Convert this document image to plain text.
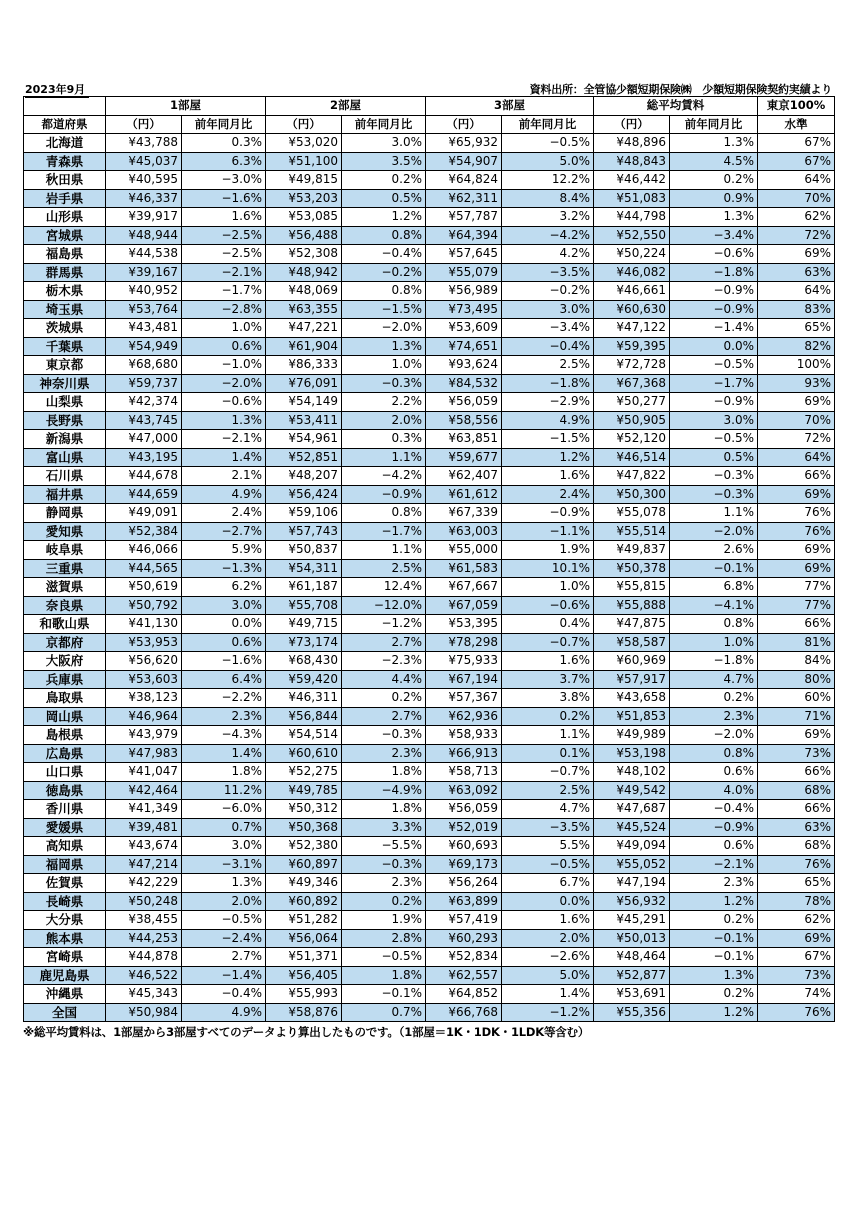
2023年9月	資料出所：全管協少額短期保険㈱　少額短期保険契約実績より
	1部屋		2部屋		3部屋		総平均賃料		東京100%
都道府県	（円）	前年同月比	（円）	前年同月比	（円）	前年同月比	（円）	前年同月比	水準
北海道	¥43,788	0.3%	¥53,020	3.0%	¥65,932	−0.5%	¥48,896	1.3%	67%
青森県	¥45,037	6.3%	¥51,100	3.5%	¥54,907	5.0%	¥48,843	4.5%	67%
秋田県	¥40,595	−3.0%	¥49,815	0.2%	¥64,824	12.2%	¥46,442	0.2%	64%
岩手県	¥46,337	−1.6%	¥53,203	0.5%	¥62,311	8.4%	¥51,083	0.9%	70%
山形県	¥39,917	1.6%	¥53,085	1.2%	¥57,787	3.2%	¥44,798	1.3%	62%
宮城県	¥48,944	−2.5%	¥56,488	0.8%	¥64,394	−4.2%	¥52,550	−3.4%	72%
福島県	¥44,538	−2.5%	¥52,308	−0.4%	¥57,645	4.2%	¥50,224	−0.6%	69%
群馬県	¥39,167	−2.1%	¥48,942	−0.2%	¥55,079	−3.5%	¥46,082	−1.8%	63%
栃木県	¥40,952	−1.7%	¥48,069	0.8%	¥56,989	−0.2%	¥46,661	−0.9%	64%
埼玉県	¥53,764	−2.8%	¥63,355	−1.5%	¥73,495	3.0%	¥60,630	−0.9%	83%
茨城県	¥43,481	1.0%	¥47,221	−2.0%	¥53,609	−3.4%	¥47,122	−1.4%	65%
千葉県	¥54,949	0.6%	¥61,904	1.3%	¥74,651	−0.4%	¥59,395	0.0%	82%
東京都	¥68,680	−1.0%	¥86,333	1.0%	¥93,624	2.5%	¥72,728	−0.5%	100%
神奈川県	¥59,737	−2.0%	¥76,091	−0.3%	¥84,532	−1.8%	¥67,368	−1.7%	93%
山梨県	¥42,374	−0.6%	¥54,149	2.2%	¥56,059	−2.9%	¥50,277	−0.9%	69%
長野県	¥43,745	1.3%	¥53,411	2.0%	¥58,556	4.9%	¥50,905	3.0%	70%
新潟県	¥47,000	−2.1%	¥54,961	0.3%	¥63,851	−1.5%	¥52,120	−0.5%	72%
富山県	¥43,195	1.4%	¥52,851	1.1%	¥59,677	1.2%	¥46,514	0.5%	64%
石川県	¥44,678	2.1%	¥48,207	−4.2%	¥62,407	1.6%	¥47,822	−0.3%	66%
福井県	¥44,659	4.9%	¥56,424	−0.9%	¥61,612	2.4%	¥50,300	−0.3%	69%
静岡県	¥49,091	2.4%	¥59,106	0.8%	¥67,339	−0.9%	¥55,078	1.1%	76%
愛知県	¥52,384	−2.7%	¥57,743	−1.7%	¥63,003	−1.1%	¥55,514	−2.0%	76%
岐阜県	¥46,066	5.9%	¥50,837	1.1%	¥55,000	1.9%	¥49,837	2.6%	69%
三重県	¥44,565	−1.3%	¥54,311	2.5%	¥61,583	10.1%	¥50,378	−0.1%	69%
滋賀県	¥50,619	6.2%	¥61,187	12.4%	¥67,667	1.0%	¥55,815	6.8%	77%
奈良県	¥50,792	3.0%	¥55,708	−12.0%	¥67,059	−0.6%	¥55,888	−4.1%	77%
和歌山県	¥41,130	0.0%	¥49,715	−1.2%	¥53,395	0.4%	¥47,875	0.8%	66%
京都府	¥53,953	0.6%	¥73,174	2.7%	¥78,298	−0.7%	¥58,587	1.0%	81%
大阪府	¥56,620	−1.6%	¥68,430	−2.3%	¥75,933	1.6%	¥60,969	−1.8%	84%
兵庫県	¥53,603	6.4%	¥59,420	4.4%	¥67,194	3.7%	¥57,917	4.7%	80%
鳥取県	¥38,123	−2.2%	¥46,311	0.2%	¥57,367	3.8%	¥43,658	0.2%	60%
岡山県	¥46,964	2.3%	¥56,844	2.7%	¥62,936	0.2%	¥51,853	2.3%	71%
島根県	¥43,979	−4.3%	¥54,514	−0.3%	¥58,933	1.1%	¥49,989	−2.0%	69%
広島県	¥47,983	1.4%	¥60,610	2.3%	¥66,913	0.1%	¥53,198	0.8%	73%
山口県	¥41,047	1.8%	¥52,275	1.8%	¥58,713	−0.7%	¥48,102	0.6%	66%
徳島県	¥42,464	11.2%	¥49,785	−4.9%	¥63,092	2.5%	¥49,542	4.0%	68%
香川県	¥41,349	−6.0%	¥50,312	1.8%	¥56,059	4.7%	¥47,687	−0.4%	66%
愛媛県	¥39,481	0.7%	¥50,368	3.3%	¥52,019	−3.5%	¥45,524	−0.9%	63%
高知県	¥43,674	3.0%	¥52,380	−5.5%	¥60,693	5.5%	¥49,094	0.6%	68%
福岡県	¥47,214	−3.1%	¥60,897	−0.3%	¥69,173	−0.5%	¥55,052	−2.1%	76%
佐賀県	¥42,229	1.3%	¥49,346	2.3%	¥56,264	6.7%	¥47,194	2.3%	65%
長崎県	¥50,248	2.0%	¥60,892	0.2%	¥63,899	0.0%	¥56,932	1.2%	78%
大分県	¥38,455	−0.5%	¥51,282	1.9%	¥57,419	1.6%	¥45,291	0.2%	62%
熊本県	¥44,253	−2.4%	¥56,064	2.8%	¥60,293	2.0%	¥50,013	−0.1%	69%
宮崎県	¥44,878	2.7%	¥51,371	−0.5%	¥52,834	−2.6%	¥48,464	−0.1%	67%
鹿児島県	¥46,522	−1.4%	¥56,405	1.8%	¥62,557	5.0%	¥52,877	1.3%	73%
沖縄県	¥45,343	−0.4%	¥55,993	−0.1%	¥64,852	1.4%	¥53,691	0.2%	74%
全国	¥50,984	4.9%	¥58,876	0.7%	¥66,768	−1.2%	¥55,356	1.2%	76%
※総平均賃料は、1部屋から3部屋すべてのデータより算出したものです。（1部屋＝1K・1DK・1LDK等含む）
